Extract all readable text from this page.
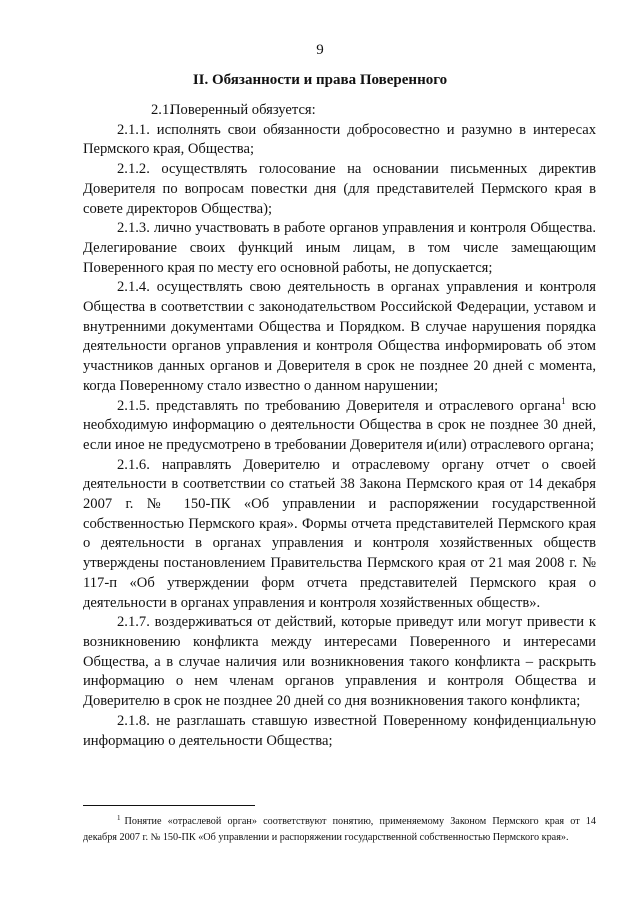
9
II. Обязанности и права Поверенного

2.1.Поверенный обязуется:

2.1.1. исполнять свои обязанности добросовестно и разумно в интересах Пермского края, Общества;

2.1.2. осуществлять голосование на основании письменных директив Доверителя по вопросам повестки дня (для представителей Пермского края в совете директоров Общества);

2.1.3. лично участвовать в работе органов управления и контроля Общества. Делегирование своих функций иным лицам, в том числе замещающим Поверенного края по месту его основной работы, не допускается;

2.1.4. осуществлять свою деятельность в органах управления и контроля Общества в соответствии с законодательством Российской Федерации, уставом и внутренними документами Общества и Порядком. В случае нарушения порядка деятельности органов управления и контроля Общества информировать об этом участников данных органов и Доверителя в срок не позднее 20 дней с момента, когда Поверенному стало известно о данном нарушении;

2.1.5. представлять по требованию Доверителя и отраслевого органа$^1$ всю необходимую информацию о деятельности Общества в срок не позднее 30 дней, если иное не предусмотрено в требовании Доверителя и(или) отраслевого органа;

2.1.6. направлять Доверителю и отраслевому органу отчет о своей деятельности в соответствии со статьей 38 Закона Пермского края от 14 декабря 2007 г. № 150-ПК «Об управлении и распоряжении государственной собственностью Пермского края». Формы отчета представителей Пермского края о деятельности в органах управления и контроля хозяйственных обществ утверждены постановлением Правительства Пермского края от 21 мая 2008 г. № 117-п «Об утверждении форм отчета представителей Пермского края о деятельности в органах управления и контроля хозяйственных обществ».

2.1.7. воздерживаться от действий, которые приведут или могут привести к возникновению конфликта между интересами Поверенного и интересами Общества, а в случае наличия или возникновения такого конфликта – раскрыть информацию о нем членам органов управления и контроля Общества и Доверителю в срок не позднее 20 дней со дня возникновения такого конфликта;

2.1.8. не разглашать ставшую известной Поверенному конфиденциальную информацию о деятельности Общества;

$^1$ Понятие «отраслевой орган» соответствуют понятию, применяемому Законом Пермского края от 14 декабря 2007 г. № 150-ПК «Об управлении и распоряжении государственной собственностью Пермского края».
